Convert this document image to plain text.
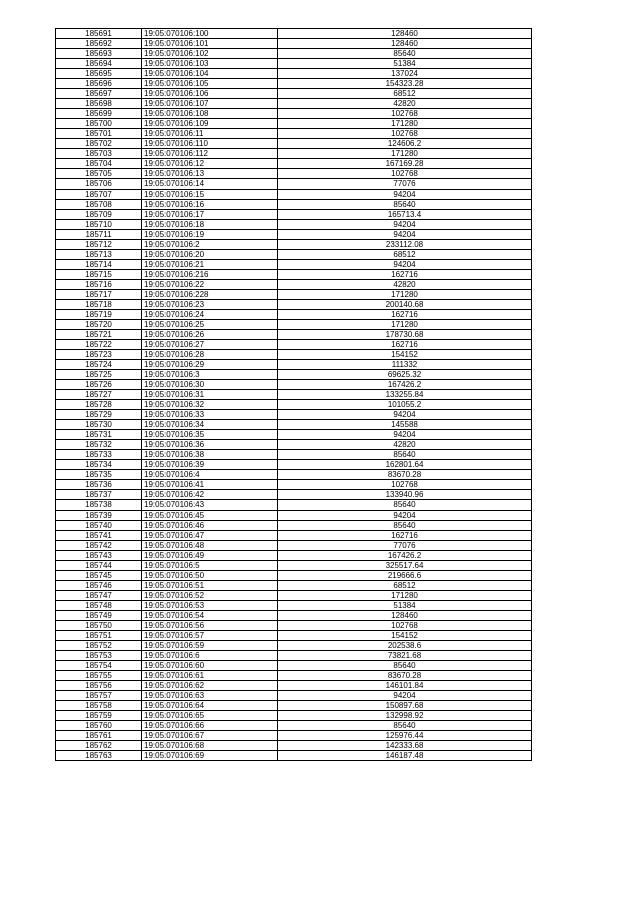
185691	19:05:070106:100	128460
185692	19:05:070106:101	128460
185693	19:05:070106:102	85640
185694	19:05:070106:103	51384
185695	19:05:070106:104	137024
185696	19:05:070106:105	154323.28
185697	19:05:070106:106	68512
185698	19:05:070106:107	42820
185699	19:05:070106:108	102768
185700	19:05:070106:109	171280
185701	19:05:070106:11	102768
185702	19:05:070106:110	124606.2
185703	19:05:070106:112	171280
185704	19:05:070106:12	167169.28
185705	19:05:070106:13	102768
185706	19:05:070106:14	77076
185707	19:05:070106:15	94204
185708	19:05:070106:16	85640
185709	19:05:070106:17	165713.4
185710	19:05:070106:18	94204
185711	19:05:070106:19	94204
185712	19:05:070106:2	233112.08
185713	19:05:070106:20	68512
185714	19:05:070106:21	94204
185715	19:05:070106:216	162716
185716	19:05:070106:22	42820
185717	19:05:070106:228	171280
185718	19:05:070106:23	200140.68
185719	19:05:070106:24	162716
185720	19:05:070106:25	171280
185721	19:05:070106:26	178730.68
185722	19:05:070106:27	162716
185723	19:05:070106:28	154152
185724	19:05:070106:29	111332
185725	19:05:070106:3	69625.32
185726	19:05:070106:30	167426.2
185727	19:05:070106:31	133255.84
185728	19:05:070106:32	101055.2
185729	19:05:070106:33	94204
185730	19:05:070106:34	145588
185731	19:05:070106:35	94204
185732	19:05:070106:36	42820
185733	19:05:070106:38	85640
185734	19:05:070106:39	162801.64
185735	19:05:070106:4	83670.28
185736	19:05:070106:41	102768
185737	19:05:070106:42	133940.96
185738	19:05:070106:43	85640
185739	19:05:070106:45	94204
185740	19:05:070106:46	85640
185741	19:05:070106:47	162716
185742	19:05:070106:48	77076
185743	19:05:070106:49	167426.2
185744	19:05:070106:5	325517.64
185745	19:05:070106:50	219666.6
185746	19:05:070106:51	68512
185747	19:05:070106:52	171280
185748	19:05:070106:53	51384
185749	19:05:070106:54	128460
185750	19:05:070106:56	102768
185751	19:05:070106:57	154152
185752	19:05:070106:59	202538.6
185753	19:05:070106:6	73821.68
185754	19:05:070106:60	85640
185755	19:05:070106:61	83670.28
185756	19:05:070106:62	146101.84
185757	19:05:070106:63	94204
185758	19:05:070106:64	150897.68
185759	19:05:070106:65	132998.92
185760	19:05:070106:66	85640
185761	19:05:070106:67	125976.44
185762	19:05:070106:68	142333.68
185763	19:05:070106:69	146187.48
